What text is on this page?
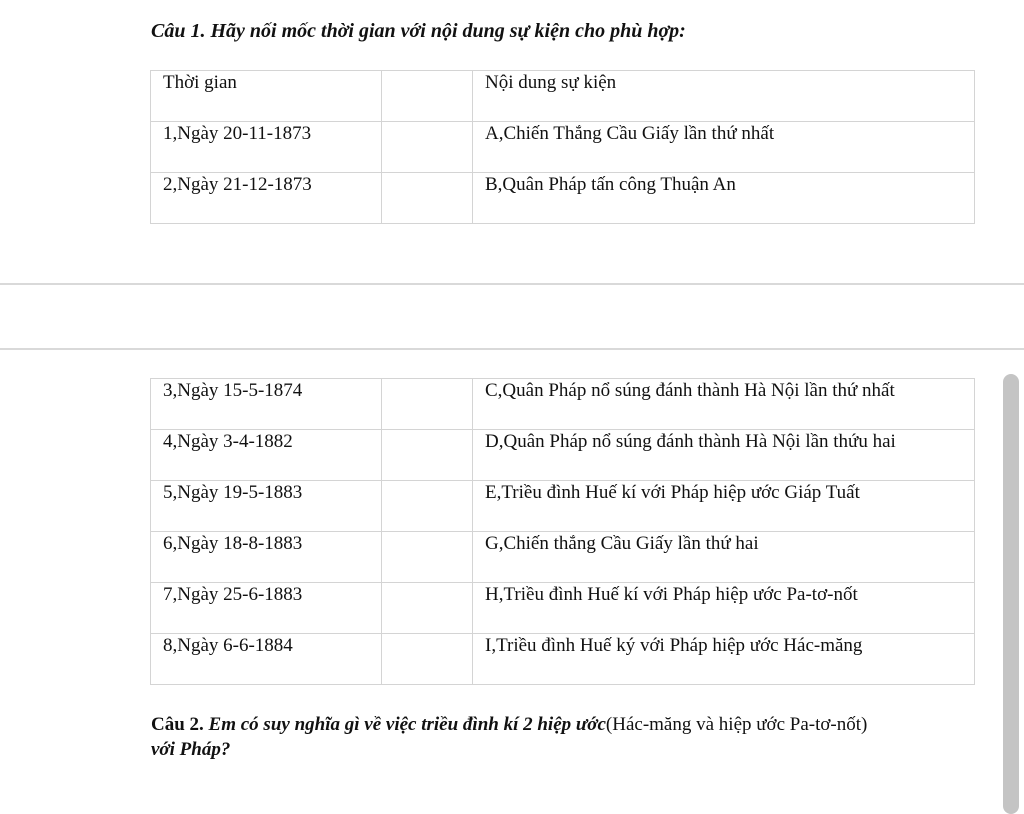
Câu 1. Hãy nối mốc thời gian với nội dung sự kiện cho phù hợp:
Thời gian		Nội dung sự kiện

1,Ngày 20-11-1873		A,Chiến Thắng Cầu Giấy lần thứ nhất

2,Ngày 21-12-1873		B,Quân Pháp tấn công Thuận An
3,Ngày 15-5-1874		C,Quân Pháp nổ súng đánh thành Hà Nội lần thứ nhất

4,Ngày 3-4-1882		D,Quân Pháp nổ súng đánh thành Hà Nội lần thứu hai

5,Ngày 19-5-1883		E,Triều đình Huế kí với Pháp hiệp ước Giáp Tuất

6,Ngày 18-8-1883		G,Chiến thắng Cầu Giấy lần thứ hai

7,Ngày 25-6-1883		H,Triều đình Huế kí với Pháp hiệp ước Pa-tơ-nốt

8,Ngày 6-6-1884		I,Triều đình Huế ký với Pháp hiệp ước Hác-măng
Câu 2. Em có suy nghĩa gì về việc triều đình kí 2 hiệp ước(Hác-măng và hiệp ước Pa-tơ-nốt) với Pháp?
